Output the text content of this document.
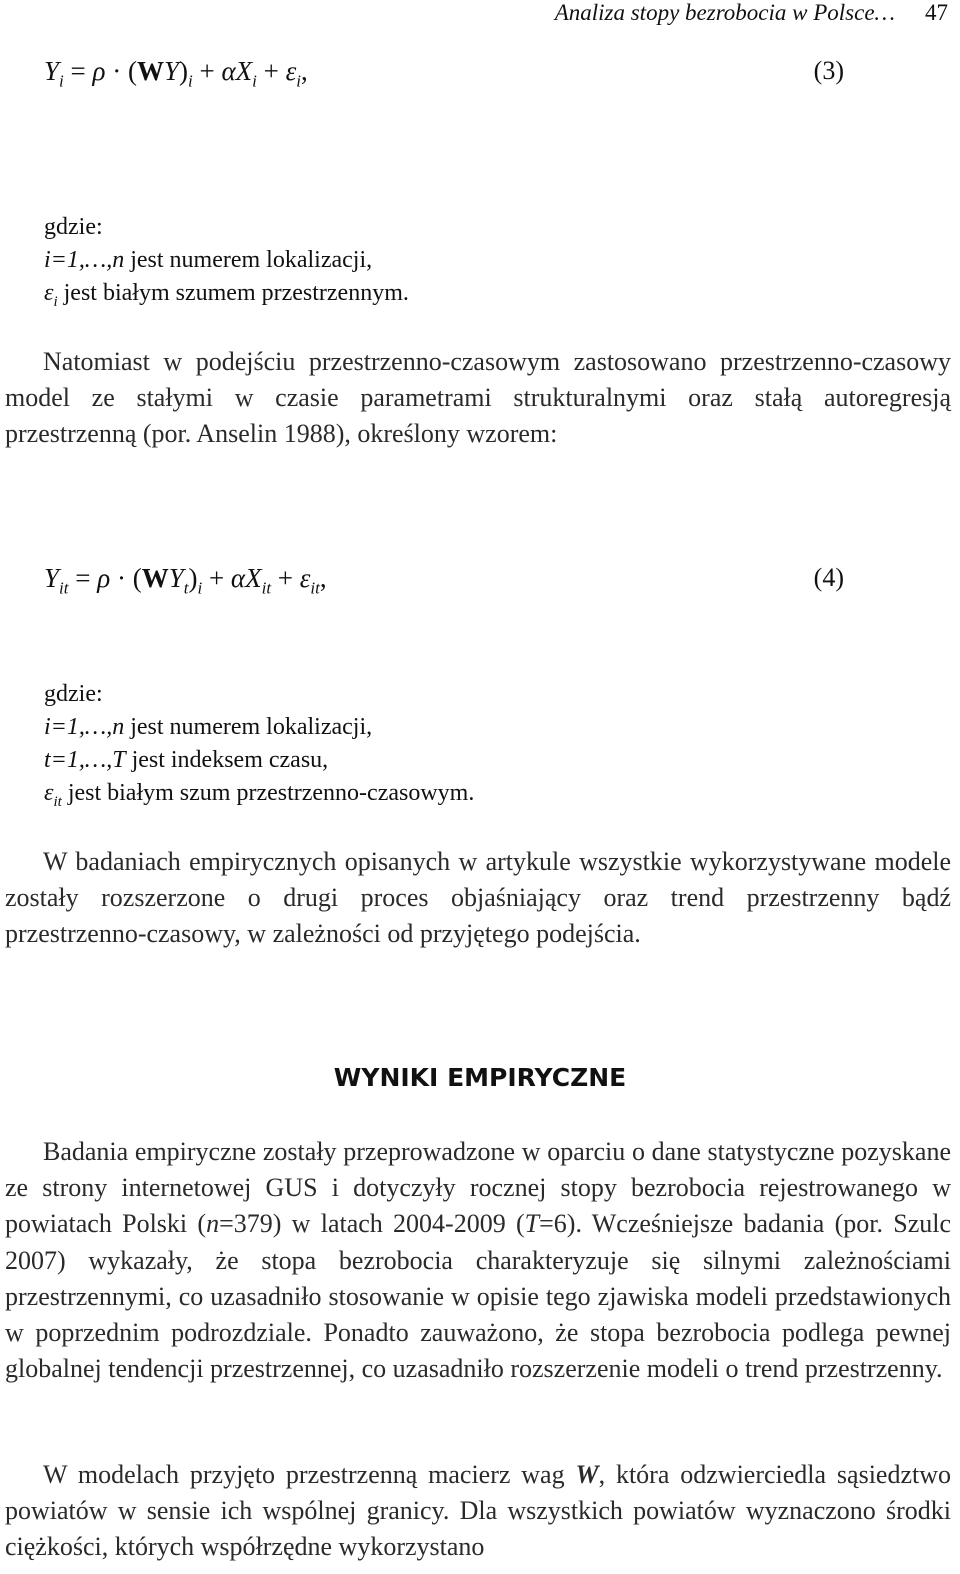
Analiza stopy bezrobocia w Polsce… 47
$Y_i = \rho \cdot (WY)_i + \alpha X_i + \varepsilon_i$,	(3)
gdzie:
i=1,…,n jest numerem lokalizacji,
$\varepsilon_i$ jest białym szumem przestrzennym.

Natomiast w podejściu przestrzenno-czasowym zastosowano przestrzenno-czasowy model ze stałymi w czasie parametrami strukturalnymi oraz stałą autoregresją przestrzenną (por. Anselin 1988), określony wzorem:

$Y_{it} = \rho \cdot (WY_t)_i + \alpha X_{it} + \varepsilon_{it}$,	(4)
gdzie:
i=1,…,n jest numerem lokalizacji,
t=1,…,T jest indeksem czasu,
$\varepsilon_{it}$ jest białym szum przestrzenno-czasowym.

W badaniach empirycznych opisanych w artykule wszystkie wykorzystywane modele zostały rozszerzone o drugi proces objaśniający oraz trend przestrzenny bądź przestrzenno-czasowy, w zależności od przyjętego podejścia.

WYNIKI EMPIRYCZNE

Badania empiryczne zostały przeprowadzone w oparciu o dane statystyczne pozyskane ze strony internetowej GUS i dotyczyły rocznej stopy bezrobocia rejestrowanego w powiatach Polski (n=379) w latach 2004-2009 (T=6). Wcześniejsze badania (por. Szulc 2007) wykazały, że stopa bezrobocia charakteryzuje się silnymi zależnościami przestrzennymi, co uzasadniło stosowanie w opisie tego zjawiska modeli przedstawionych w poprzednim podrozdziale. Ponadto zauważono, że stopa bezrobocia podlega pewnej globalnej tendencji przestrzennej, co uzasadniło rozszerzenie modeli o trend przestrzenny.

W modelach przyjęto przestrzenną macierz wag W, która odzwierciedla sąsiedztwo powiatów w sensie ich wspólnej granicy. Dla wszystkich powiatów wyznaczono środki ciężkości, których współrzędne wykorzystano
